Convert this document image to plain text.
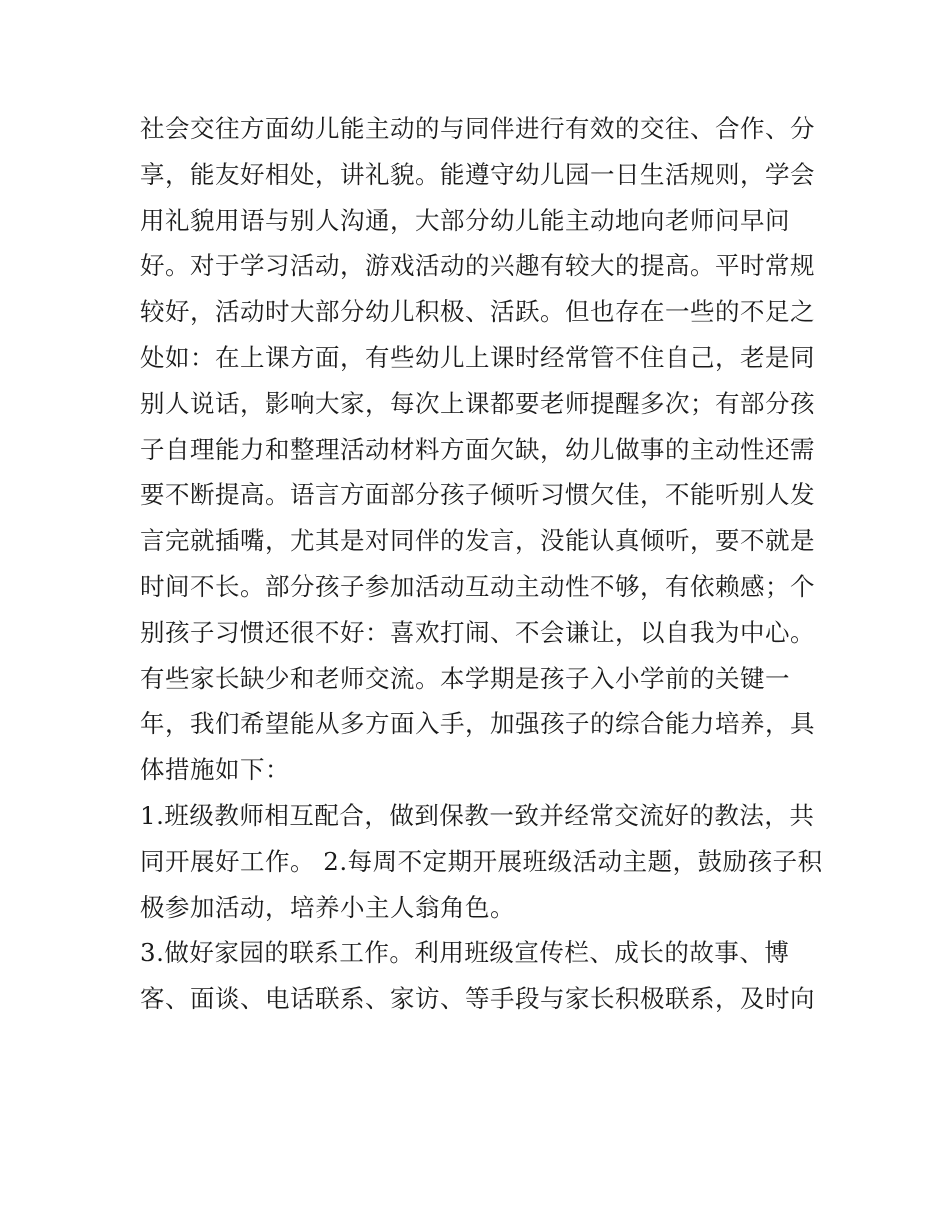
社会交往方面幼儿能主动的与同伴进行有效的交往、合作、分
享，能友好相处，讲礼貌。能遵守幼儿园一日生活规则，学会
用礼貌用语与别人沟通，大部分幼儿能主动地向老师问早问
好。对于学习活动，游戏活动的兴趣有较大的提高。平时常规
较好，活动时大部分幼儿积极、活跃。但也存在一些的不足之
处如：在上课方面，有些幼儿上课时经常管不住自己，老是同
别人说话，影响大家，每次上课都要老师提醒多次；有部分孩
子自理能力和整理活动材料方面欠缺，幼儿做事的主动性还需
要不断提高。语言方面部分孩子倾听习惯欠佳，不能听别人发
言完就插嘴，尤其是对同伴的发言，没能认真倾听，要不就是
时间不长。部分孩子参加活动互动主动性不够，有依赖感；个
别孩子习惯还很不好：喜欢打闹、不会谦让，以自我为中心。
有些家长缺少和老师交流。本学期是孩子入小学前的关键一
年，我们希望能从多方面入手，加强孩子的综合能力培养，具
体措施如下：
1.班级教师相互配合，做到保教一致并经常交流好的教法，共
同开展好工作。 2.每周不定期开展班级活动主题，鼓励孩子积
极参加活动，培养小主人翁角色。
3.做好家园的联系工作。利用班级宣传栏、成长的故事、博
客、面谈、电话联系、家访、等手段与家长积极联系，及时向
